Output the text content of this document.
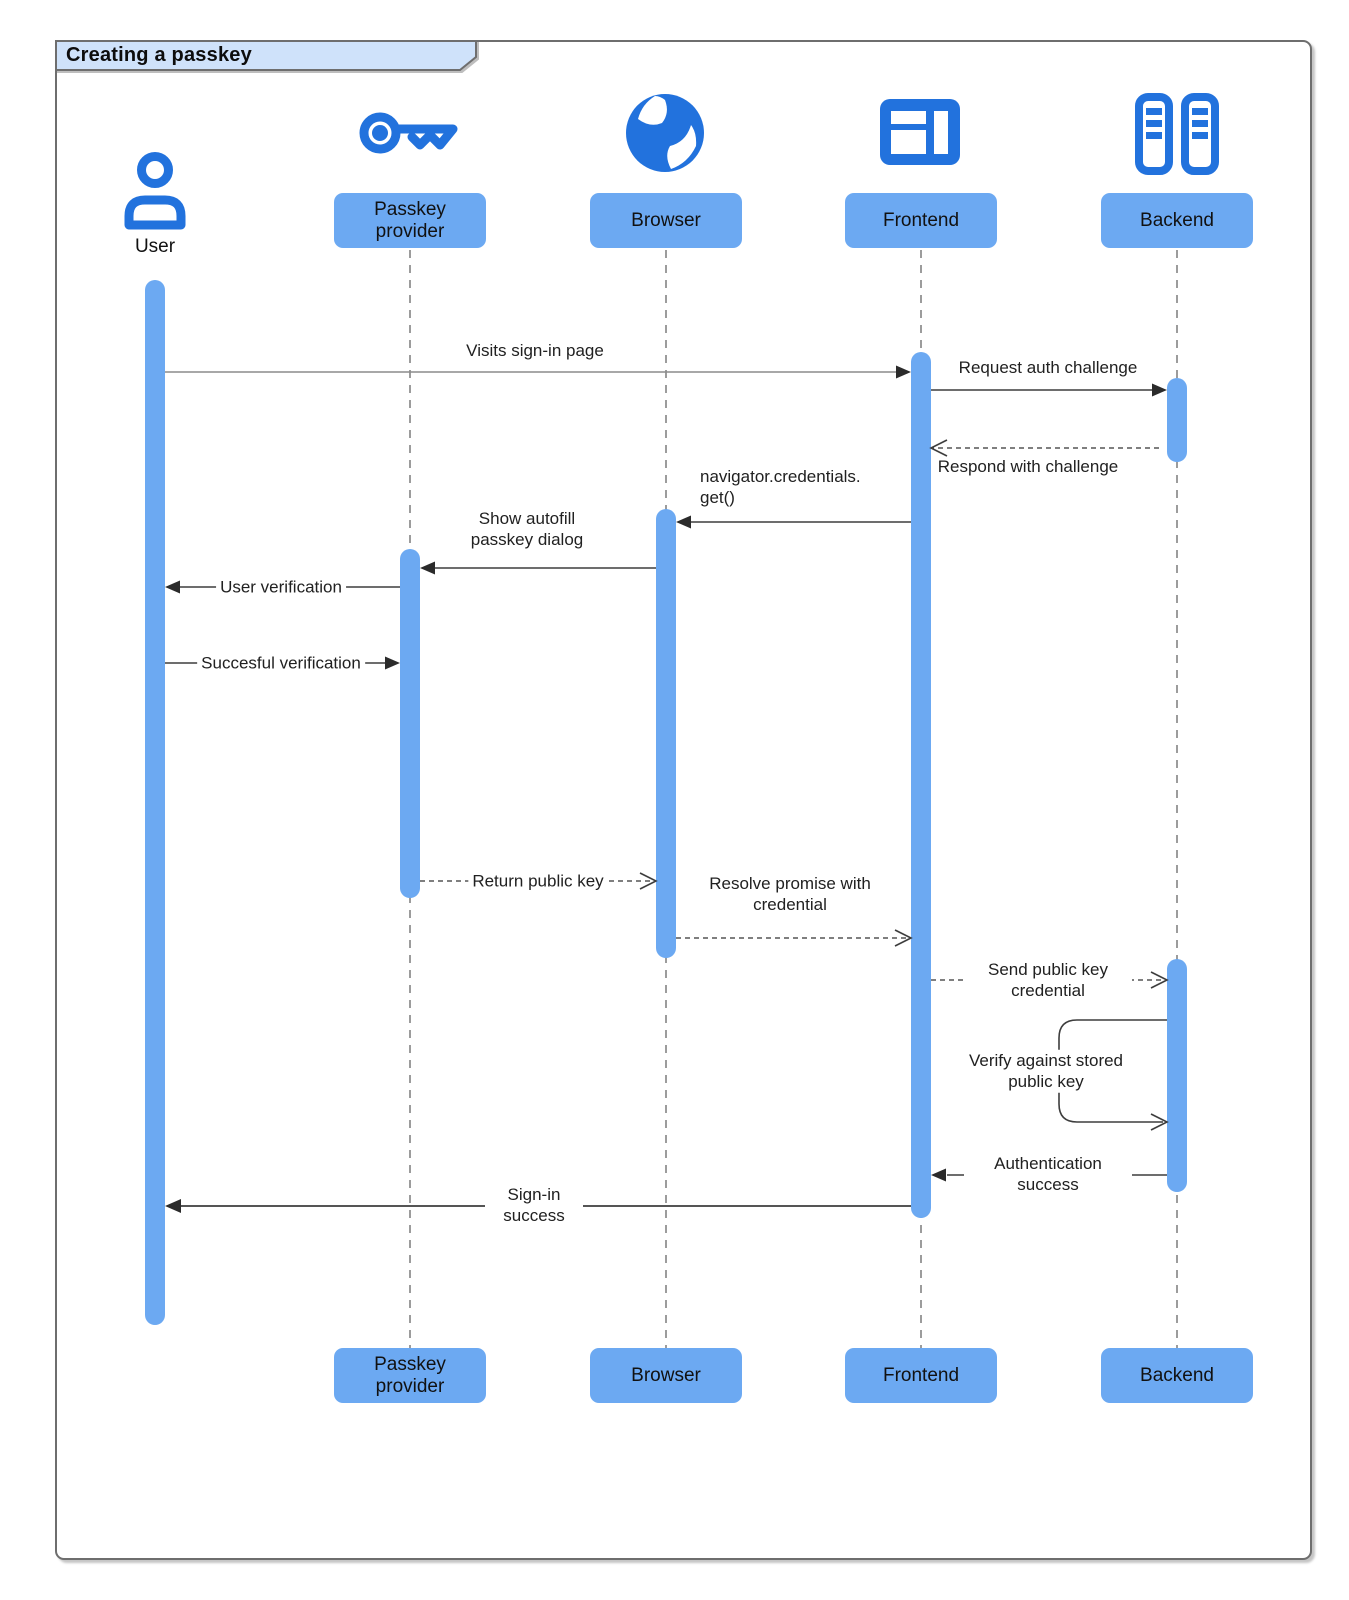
Creating a passkey
User
Passkey provider
Browser	Frontend	Backend
Passkey provider
Browser	Frontend	Backend
Visits sign-in page
Request auth challenge
Respond with challenge
navigator.credentials. get()
Show autofill passkey dialog
User verification
Succesful verification
Return public key	Resolve promise with credential
Send public key credential
Verify against stored public key
Authentication success
Sign-in success
